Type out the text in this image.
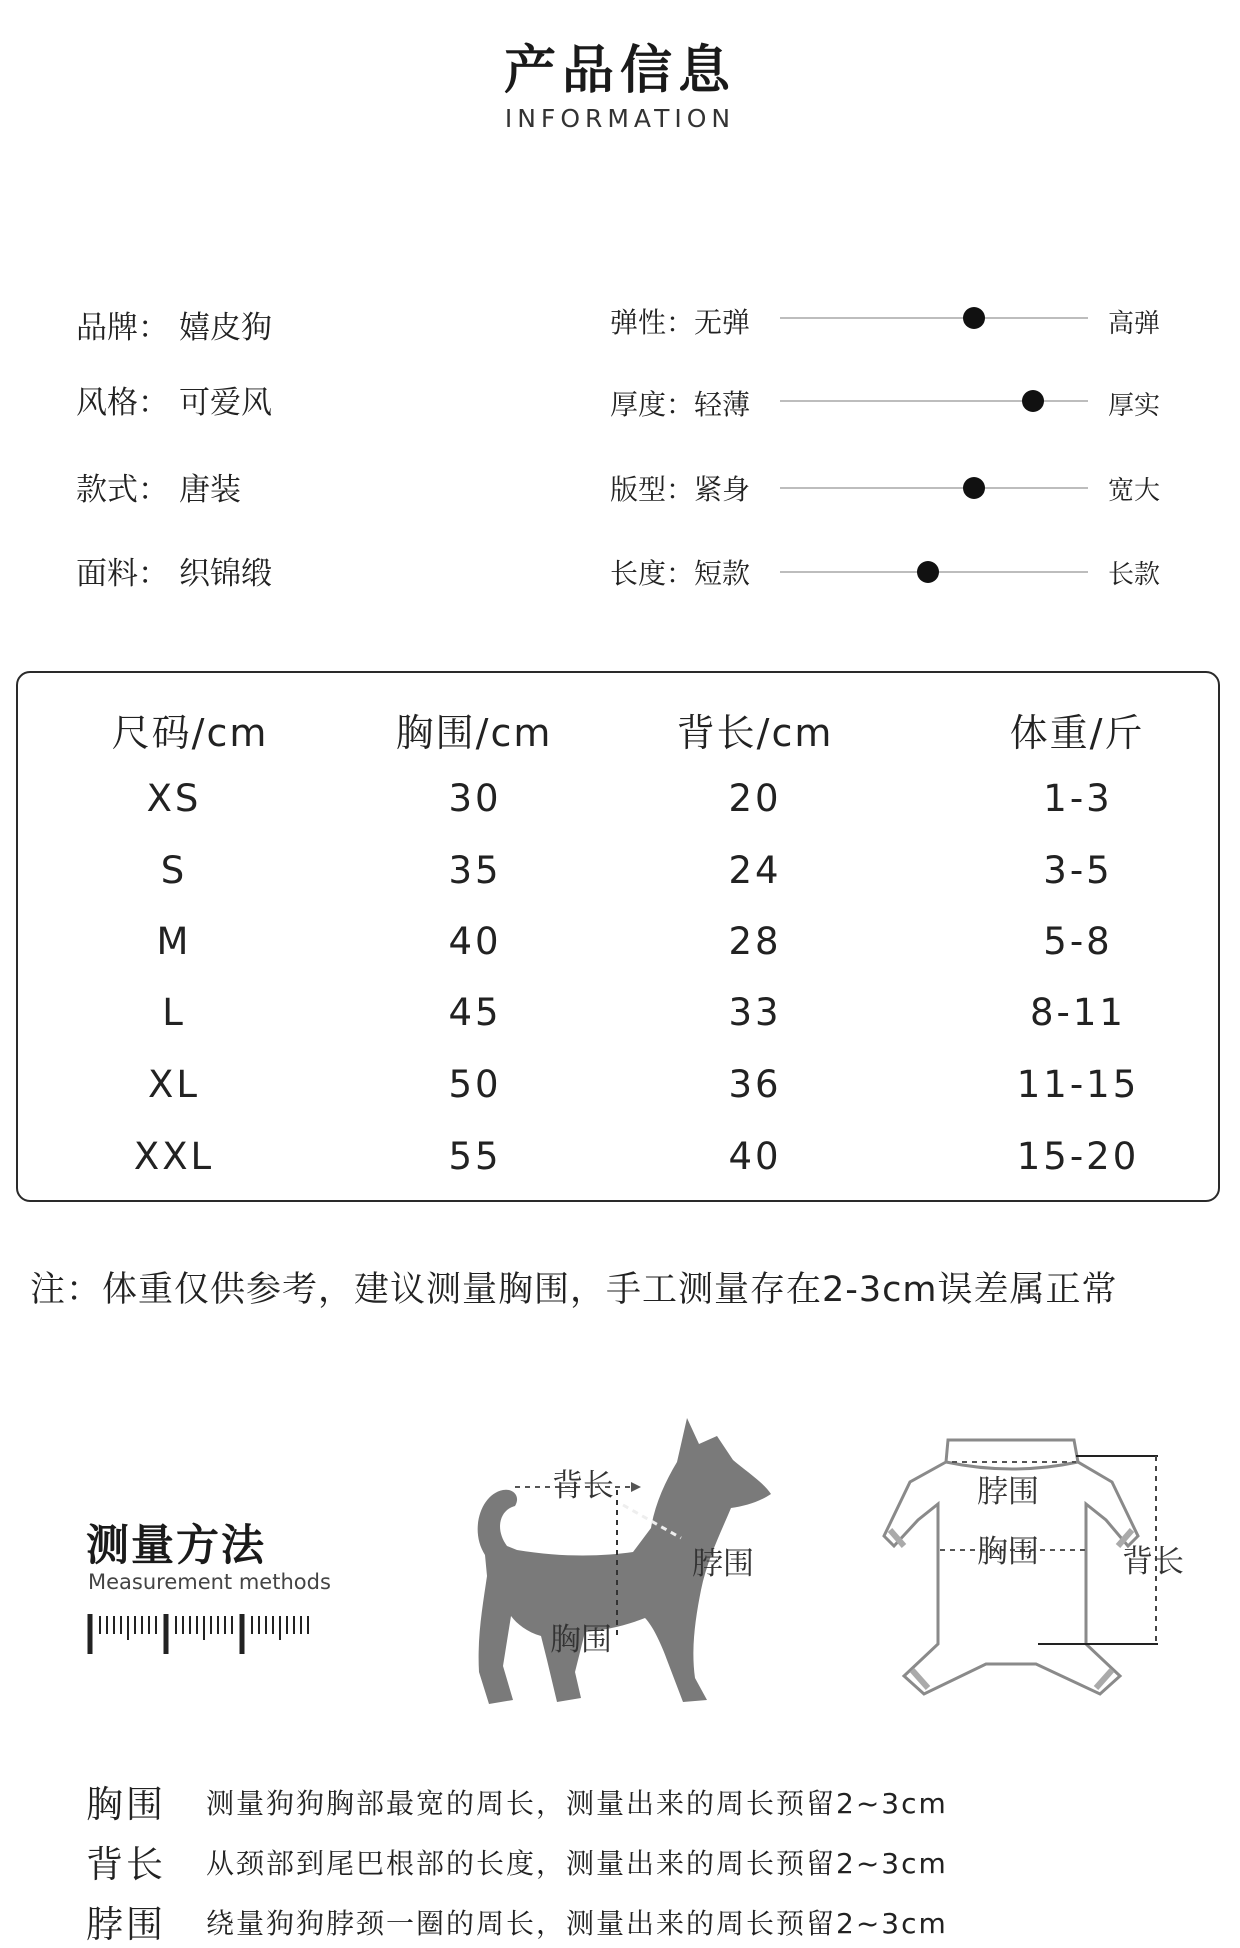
产品信息
INFORMATION
品牌： 嬉皮狗
风格： 可爱风
款式： 唐装
面料： 织锦缎
弹性：无弹	高弹
厚度：轻薄	厚实
版型：紧身	宽大
长度：短款	长款
尺码/cm	胸围/cm	背长/cm	体重/斤
XS	30	20	1-3
S	35	24	3-5
M	40	28	5-8
L	45	33	8-11
XL	50	36	11-15
XXL	55	40	15-20
注：体重仅供参考，建议测量胸围，手工测量存在2-3cm误差属正常
测量方法
Measurement methods
背长
脖围
胸围
脖围
胸围	背长
胸围 测量狗狗胸部最宽的周长，测量出来的周长预留2~3cm
背长 从颈部到尾巴根部的长度，测量出来的周长预留2~3cm
脖围 绕量狗狗脖颈一圈的周长，测量出来的周长预留2~3cm
